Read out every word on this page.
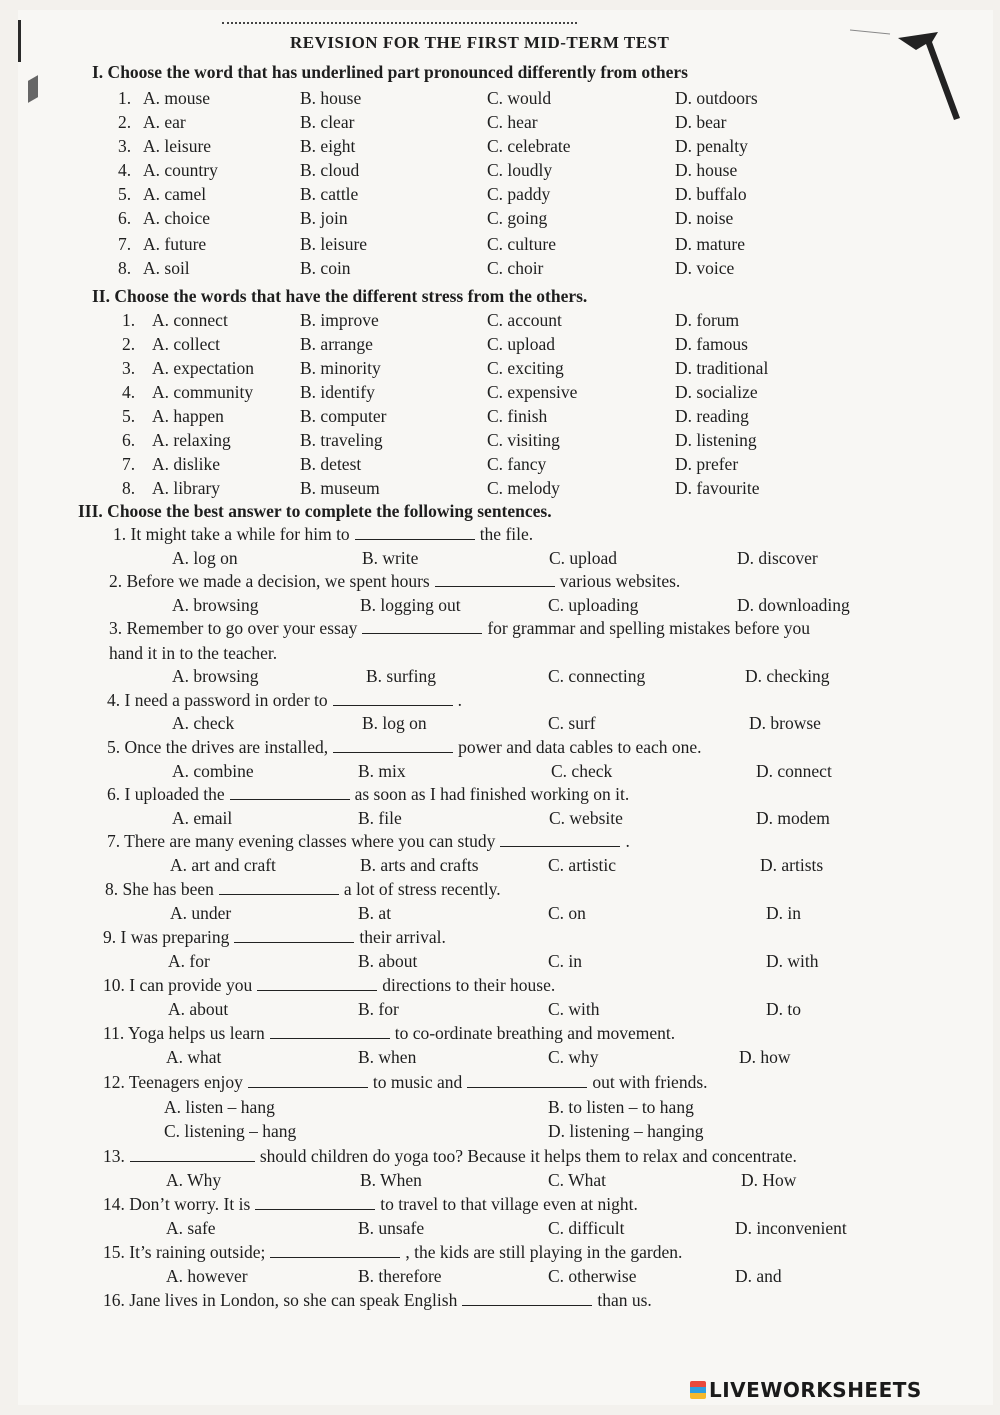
REVISION FOR THE FIRST MID-TERM TEST
I. Choose the word that has underlined part pronounced differently from others
1. A. mouse	B. house	C. would	D. outdoors
2. A. ear	B. clear	C. hear	D. bear
3. A. leisure	B. eight	C. celebrate	D. penalty
4. A. country	B. cloud	C. loudly	D. house
5. A. camel	B. cattle	C. paddy	D. buffalo
6. A. choice	B. join	C. going	D. noise
7. A. future	B. leisure	C. culture	D. mature
8. A. soil	B. coin	C. choir	D. voice
II. Choose the words that have the different stress from the others.
1. A. connect	B. improve	C. account	D. forum
2. A. collect	B. arrange	C. upload	D. famous
3. A. expectation	B. minority	C. exciting	D. traditional
4. A. community	B. identify	C. expensive	D. socialize
5. A. happen	B. computer	C. finish	D. reading
6. A. relaxing	B. traveling	C. visiting	D. listening
7. A. dislike	B. detest	C. fancy	D. prefer
8. A. library	B. museum	C. melody	D. favourite
III. Choose the best answer to complete the following sentences.
1. It might take a while for him to	the file.
A. log on	B. write	C. upload	D. discover
2. Before we made a decision, we spent hours	various websites.
A. browsing	B. logging out	C. uploading	D. downloading
3. Remember to go over your essay	for grammar and spelling mistakes before you
hand it in to the teacher.
A. browsing	B. surfing	C. connecting	D. checking
4. I need a password in order to	.
A. check	B. log on	C. surf	D. browse
5. Once the drives are installed,	power and data cables to each one.
A. combine	B. mix	C. check	D. connect
6. I uploaded the	as soon as I had finished working on it.
A. email	B. file	C. website	D. modem
7. There are many evening classes where you can study	.
A. art and craft	B. arts and crafts	C. artistic	D. artists
8. She has been	a lot of stress recently.
A. under	B. at	C. on	D. in
9. I was preparing	their arrival.
A. for	B. about	C. in	D. with
10. I can provide you	directions to their house.
A. about	B. for	C. with	D. to
11. Yoga helps us learn	to co-ordinate breathing and movement.
A. what	B. when	C. why	D. how
12. Teenagers enjoy	to music and	out with friends.
A. listen – hang	B. to listen – to hang
C. listening – hang	D. listening – hanging
13.	should children do yoga too? Because it helps them to relax and concentrate.
A. Why	B. When	C. What	D. How
14. Don’t worry. It is	to travel to that village even at night.
A. safe	B. unsafe	C. difficult	D. inconvenient
15. It’s raining outside;	, the kids are still playing in the garden.
A. however	B. therefore	C. otherwise	D. and
16. Jane lives in London, so she can speak English	than us.
LIVEWORKSHEETS
